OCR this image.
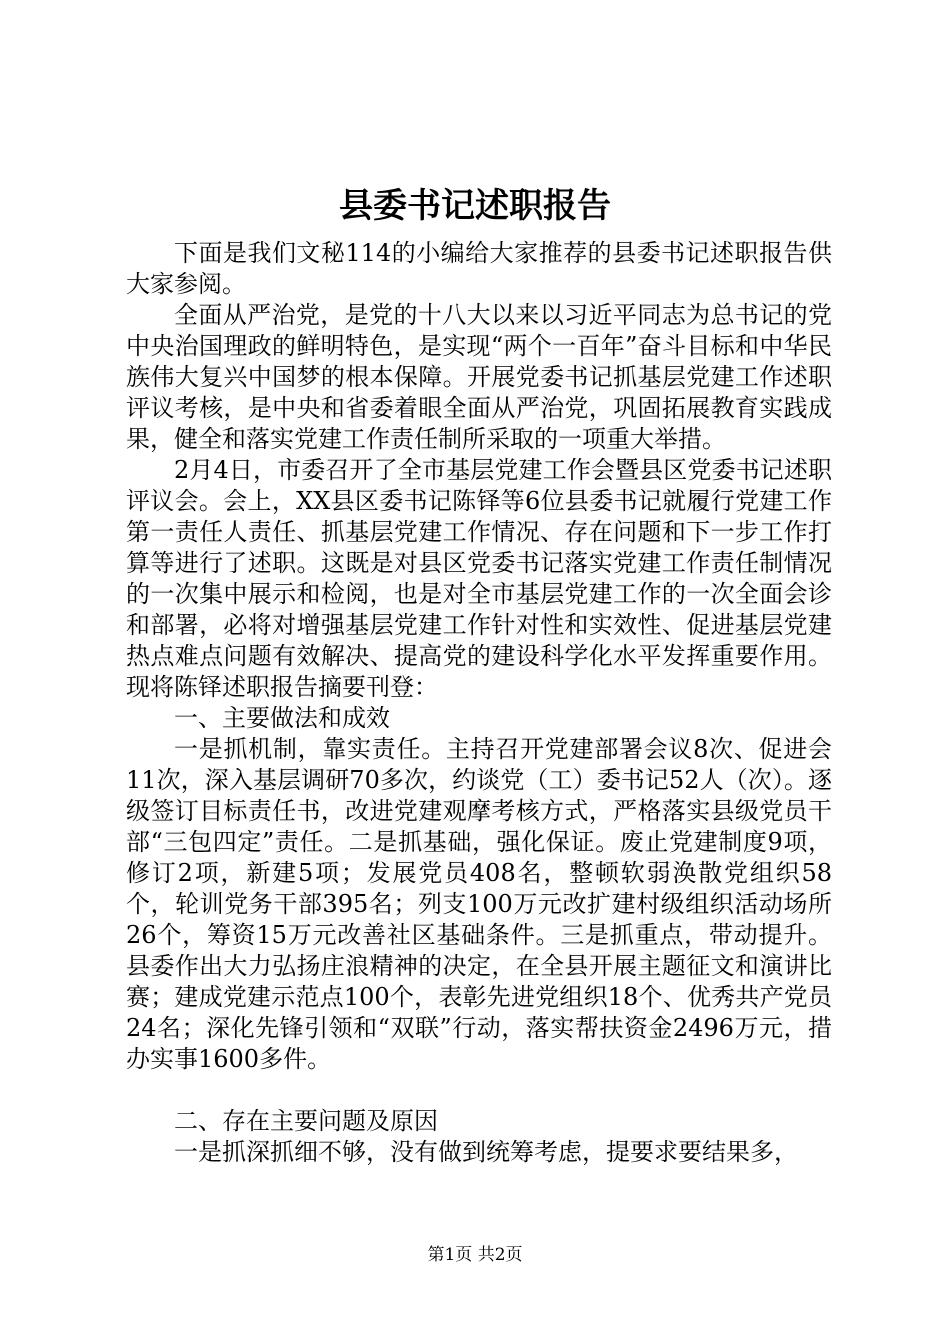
县委书记述职报告

下面是我们文秘114的小编给大家推荐的县委书记述职报告供大家参阅。

全面从严治党，是党的十八大以来以习近平同志为总书记的党中央治国理政的鲜明特色，是实现“两个一百年”奋斗目标和中华民族伟大复兴中国梦的根本保障。开展党委书记抓基层党建工作述职评议考核，是中央和省委着眼全面从严治党，巩固拓展教育实践成果，健全和落实党建工作责任制所采取的一项重大举措。

2月4日，市委召开了全市基层党建工作会暨县区党委书记述职评议会。会上，XX县区委书记陈铎等6位县委书记就履行党建工作第一责任人责任、抓基层党建工作情况、存在问题和下一步工作打算等进行了述职。这既是对县区党委书记落实党建工作责任制情况的一次集中展示和检阅，也是对全市基层党建工作的一次全面会诊和部署，必将对增强基层党建工作针对性和实效性、促进基层党建热点难点问题有效解决、提高党的建设科学化水平发挥重要作用。现将陈铎述职报告摘要刊登：

一、主要做法和成效

一是抓机制，靠实责任。主持召开党建部署会议8次、促进会11次，深入基层调研70多次，约谈党（工）委书记52人（次）。逐级签订目标责任书，改进党建观摩考核方式，严格落实县级党员干部“三包四定”责任。二是抓基础，强化保证。废止党建制度9项，修订2项，新建5项；发展党员408名，整顿软弱涣散党组织58个，轮训党务干部395名；列支100万元改扩建村级组织活动场所26个，筹资15万元改善社区基础条件。三是抓重点，带动提升。县委作出大力弘扬庄浪精神的决定，在全县开展主题征文和演讲比赛；建成党建示范点100个，表彰先进党组织18个、优秀共产党员24名；深化先锋引领和“双联”行动，落实帮扶资金2496万元，措办实事1600多件。

二、存在主要问题及原因

一是抓深抓细不够，没有做到统筹考虑，提要求要结果多，

第1页 共2页
